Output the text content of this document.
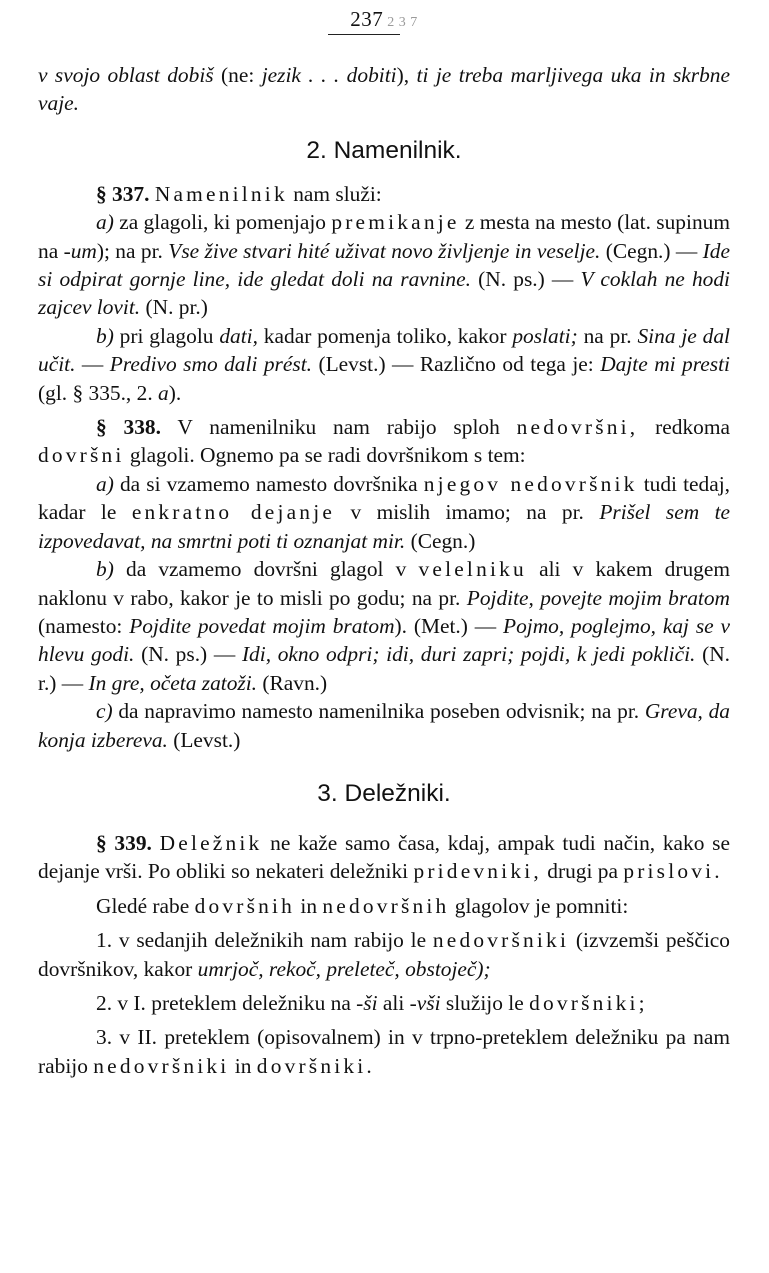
237 2 3 7

v svojo oblast dobiš (ne: jezik . . . dobiti), ti je treba marljivega uka in skrbne vaje.

2. Namenilnik.

§ 337. Namenilnik nam služi:

a) za glagoli, ki pomenjajo premikanje z mesta na mesto (lat. supinum na -um); na pr. Vse žive stvari hité uživat novo življenje in veselje. (Cegn.) — Ide si odpirat gornje line, ide gledat doli na ravnine. (N. ps.) — V coklah ne hodi zajcev lovit. (N. pr.)

b) pri glagolu dati, kadar pomenja toliko, kakor poslati; na pr. Sina je dal učit. — Predivo smo dali prést. (Levst.) — Različno od tega je: Dajte mi presti (gl. § 335., 2. a).

§ 338. V namenilniku nam rabijo sploh nedovršni, redkoma dovršni glagoli. Ognemo pa se radi dovršnikom s tem:

a) da si vzamemo namesto dovršnika njegov nedovršnik tudi tedaj, kadar le enkratno dejanje v mislih imamo; na pr. Prišel sem te izpovedavat, na smrtni poti ti oznanjat mir. (Cegn.)

b) da vzamemo dovršni glagol v velelniku ali v kakem drugem naklonu v rabo, kakor je to misli po godu; na pr. Pojdite, povejte mojim bratom (namesto: Pojdite povedat mojim bratom). (Met.) — Pojmo, poglejmo, kaj se v hlevu godi. (N. ps.) — Idi, okno odpri; idi, duri zapri; pojdi, k jedi pokliči. (N. r.) — In gre, očeta zatoži. (Ravn.)

c) da napravimo namesto namenilnika poseben odvisnik; na pr. Greva, da konja izbereva. (Levst.)

3. Deležniki.

§ 339. Deležnik ne kaže samo časa, kdaj, ampak tudi način, kako se dejanje vrši. Po obliki so nekateri deležniki pridevniki, drugi pa prislovi.

Gledé rabe dovršnih in nedovršnih glagolov je pomniti:

1. v sedanjih deležnikih nam rabijo le nedovršniki (izvzemši peščico dovršnikov, kakor umrjoč, rekoč, preleteč, obstoječ);

2. v I. preteklem deležniku na -ši ali -vši služijo le dovršniki;

3. v II. preteklem (opisovalnem) in v trpno-preteklem deležniku pa nam rabijo nedovršniki in dovršniki.
